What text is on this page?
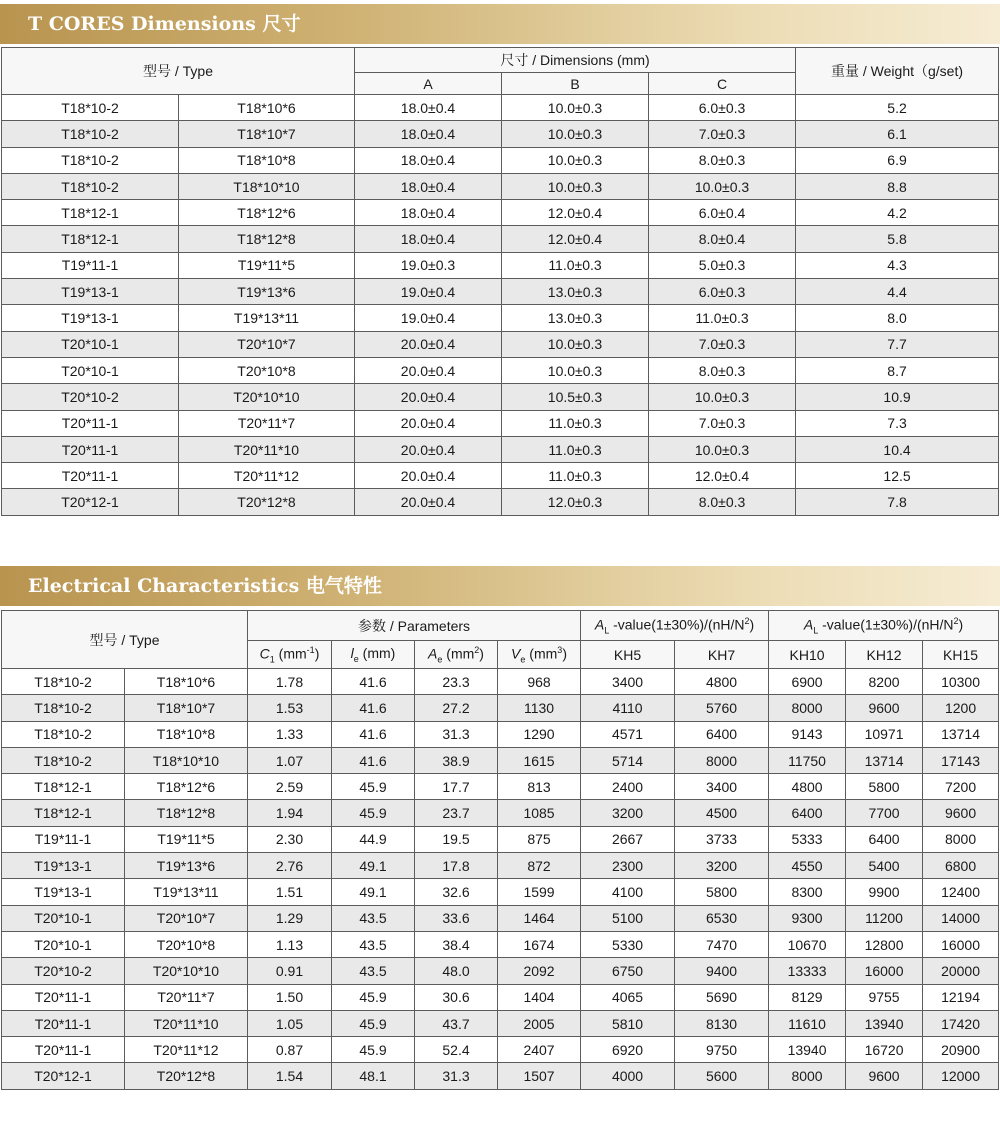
T CORES Dimensions 尺寸
型号 / Type		尺寸 / Dimensions (mm)			重量 / Weight（g/set)
		A	B	C	
T18*10-2	T18*10*6	18.0±0.4	10.0±0.3	6.0±0.3	5.2
T18*10-2	T18*10*7	18.0±0.4	10.0±0.3	7.0±0.3	6.1
T18*10-2	T18*10*8	18.0±0.4	10.0±0.3	8.0±0.3	6.9
T18*10-2	T18*10*10	18.0±0.4	10.0±0.3	10.0±0.3	8.8
T18*12-1	T18*12*6	18.0±0.4	12.0±0.4	6.0±0.4	4.2
T18*12-1	T18*12*8	18.0±0.4	12.0±0.4	8.0±0.4	5.8
T19*11-1	T19*11*5	19.0±0.3	11.0±0.3	5.0±0.3	4.3
T19*13-1	T19*13*6	19.0±0.4	13.0±0.3	6.0±0.3	4.4
T19*13-1	T19*13*11	19.0±0.4	13.0±0.3	11.0±0.3	8.0
T20*10-1	T20*10*7	20.0±0.4	10.0±0.3	7.0±0.3	7.7
T20*10-1	T20*10*8	20.0±0.4	10.0±0.3	8.0±0.3	8.7
T20*10-2	T20*10*10	20.0±0.4	10.5±0.3	10.0±0.3	10.9
T20*11-1	T20*11*7	20.0±0.4	11.0±0.3	7.0±0.3	7.3
T20*11-1	T20*11*10	20.0±0.4	11.0±0.3	10.0±0.3	10.4
T20*11-1	T20*11*12	20.0±0.4	11.0±0.3	12.0±0.4	12.5
T20*12-1	T20*12*8	20.0±0.4	12.0±0.3	8.0±0.3	7.8
Electrical Characteristics 电气特性
型号 / Type		参数 / Parameters				$A_L$ $-value(1\pm 30\%)/(nH/N^2)$		$A_L$ $-value(1\pm 30\%)/(nH/N^2)$		
		$C_1$ $(mm^{-1})$	$l_e$ (mm)	$A_e$ $(mm^2)$	$V_e$ $(mm^3)$	KH5	KH7	KH10	KH12	KH15
T18*10-2	T18*10*6	1.78	41.6	23.3	968	3400	4800	6900	8200	10300
T18*10-2	T18*10*7	1.53	41.6	27.2	1130	4110	5760	8000	9600	1200
T18*10-2	T18*10*8	1.33	41.6	31.3	1290	4571	6400	9143	10971	13714
T18*10-2	T18*10*10	1.07	41.6	38.9	1615	5714	8000	11750	13714	17143
T18*12-1	T18*12*6	2.59	45.9	17.7	813	2400	3400	4800	5800	7200
T18*12-1	T18*12*8	1.94	45.9	23.7	1085	3200	4500	6400	7700	9600
T19*11-1	T19*11*5	2.30	44.9	19.5	875	2667	3733	5333	6400	8000
T19*13-1	T19*13*6	2.76	49.1	17.8	872	2300	3200	4550	5400	6800
T19*13-1	T19*13*11	1.51	49.1	32.6	1599	4100	5800	8300	9900	12400
T20*10-1	T20*10*7	1.29	43.5	33.6	1464	5100	6530	9300	11200	14000
T20*10-1	T20*10*8	1.13	43.5	38.4	1674	5330	7470	10670	12800	16000
T20*10-2	T20*10*10	0.91	43.5	48.0	2092	6750	9400	13333	16000	20000
T20*11-1	T20*11*7	1.50	45.9	30.6	1404	4065	5690	8129	9755	12194
T20*11-1	T20*11*10	1.05	45.9	43.7	2005	5810	8130	11610	13940	17420
T20*11-1	T20*11*12	0.87	45.9	52.4	2407	6920	9750	13940	16720	20900
T20*12-1	T20*12*8	1.54	48.1	31.3	1507	4000	5600	8000	9600	12000
